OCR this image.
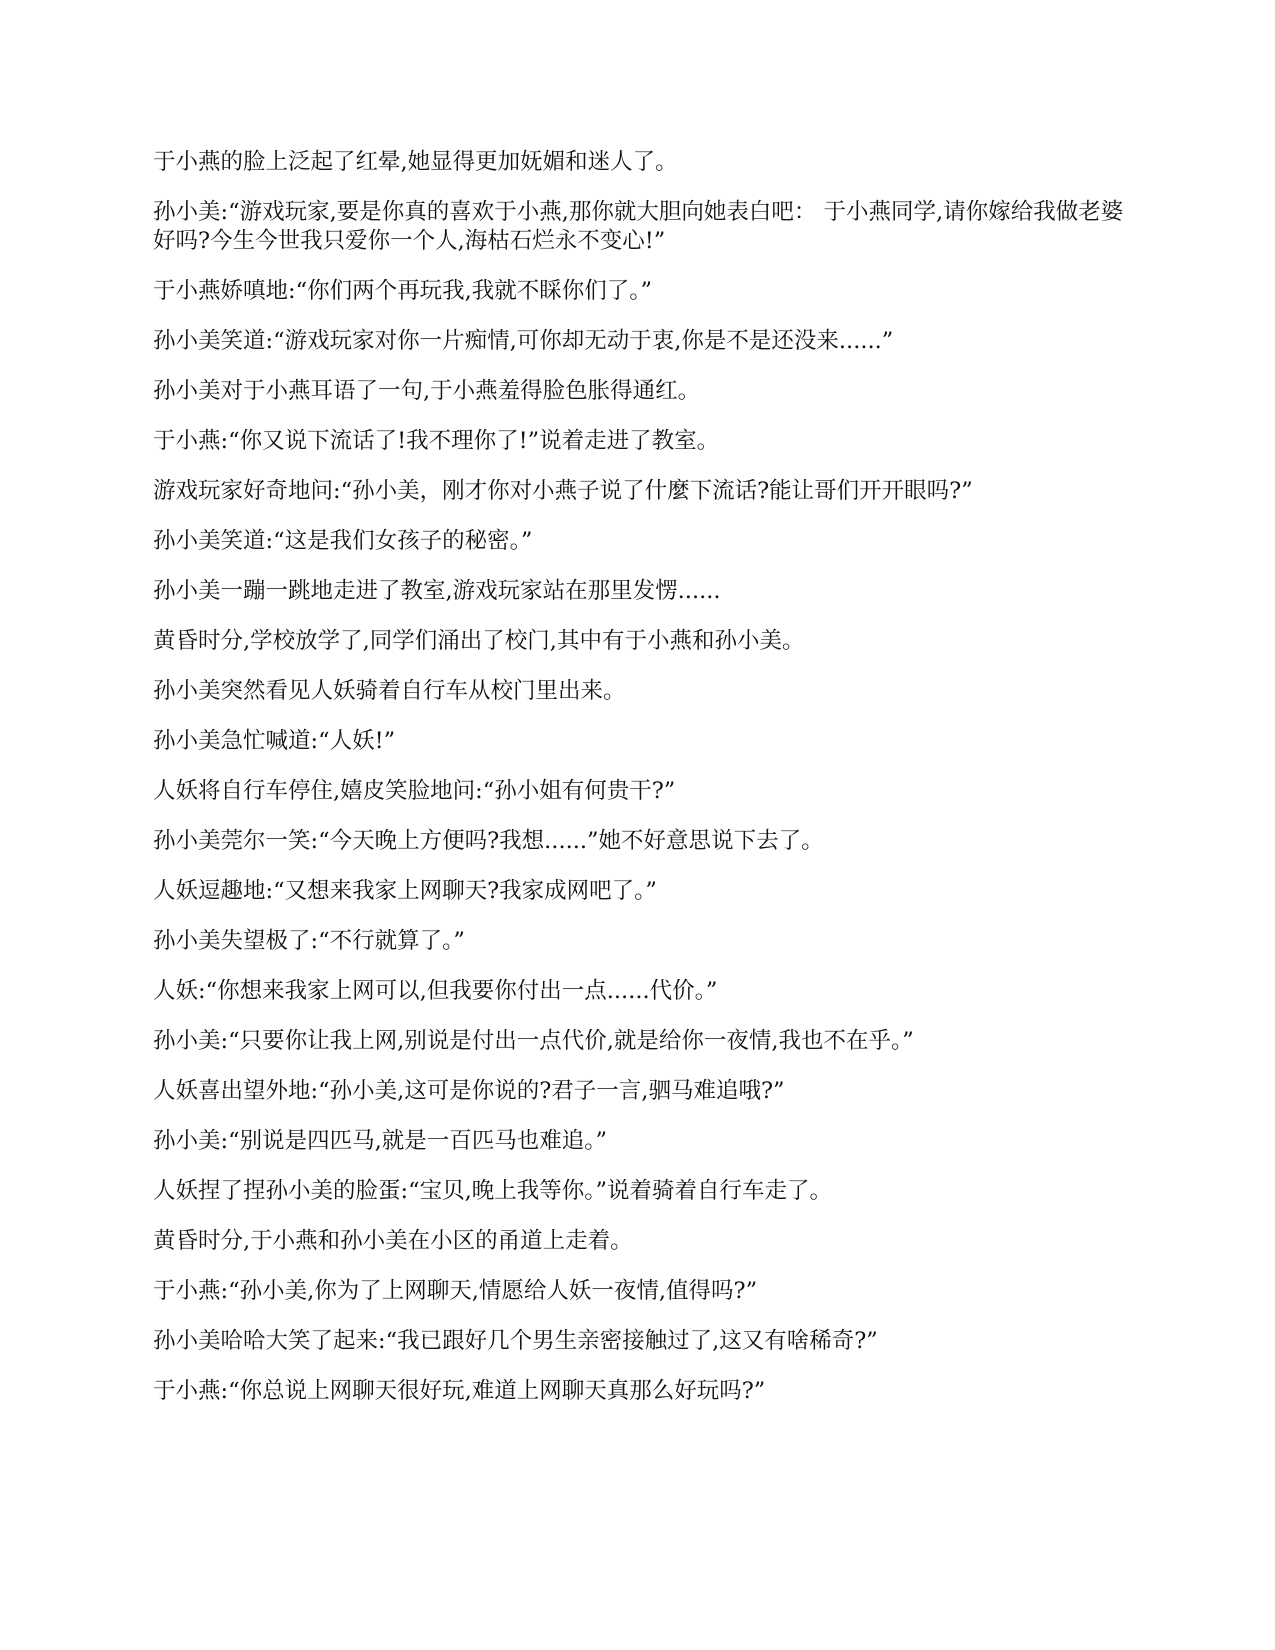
于小燕的脸上泛起了红晕,她显得更加妩媚和迷人了。

孙小美:“游戏玩家,要是你真的喜欢于小燕,那你就大胆向她表白吧： 于小燕同学,请你嫁给我做老婆好吗?今生今世我只爱你一个人,海枯石烂永不变心!”

于小燕娇嗔地:“你们两个再玩我,我就不睬你们了。”

孙小美笑道:“游戏玩家对你一片痴情,可你却无动于衷,你是不是还没来......”

孙小美对于小燕耳语了一句,于小燕羞得脸色胀得通红。

于小燕:“你又说下流话了!我不理你了!”说着走进了教室。

游戏玩家好奇地问:“孙小美，刚才你对小燕子说了什麼下流话?能让哥们开开眼吗?”

孙小美笑道:“这是我们女孩子的秘密。”

孙小美一蹦一跳地走进了教室,游戏玩家站在那里发愣......

黄昏时分,学校放学了,同学们涌出了校门,其中有于小燕和孙小美。

孙小美突然看见人妖骑着自行车从校门里出来。

孙小美急忙喊道:“人妖!”

人妖将自行车停住,嬉皮笑脸地问:“孙小姐有何贵干?”

孙小美莞尔一笑:“今天晚上方便吗?我想......”她不好意思说下去了。

人妖逗趣地:“又想来我家上网聊天?我家成网吧了。”

孙小美失望极了:“不行就算了。”

人妖:“你想来我家上网可以,但我要你付出一点......代价。”

孙小美:“只要你让我上网,别说是付出一点代价,就是给你一夜情,我也不在乎。”

人妖喜出望外地:“孙小美,这可是你说的?君子一言,驷马难追哦?”

孙小美:“别说是四匹马,就是一百匹马也难追。”

人妖捏了捏孙小美的脸蛋:“宝贝,晚上我等你。”说着骑着自行车走了。

黄昏时分,于小燕和孙小美在小区的甬道上走着。

于小燕:“孙小美,你为了上网聊天,情愿给人妖一夜情,值得吗?”

孙小美哈哈大笑了起来:“我已跟好几个男生亲密接触过了,这又有啥稀奇?”

于小燕:“你总说上网聊天很好玩,难道上网聊天真那么好玩吗?”
